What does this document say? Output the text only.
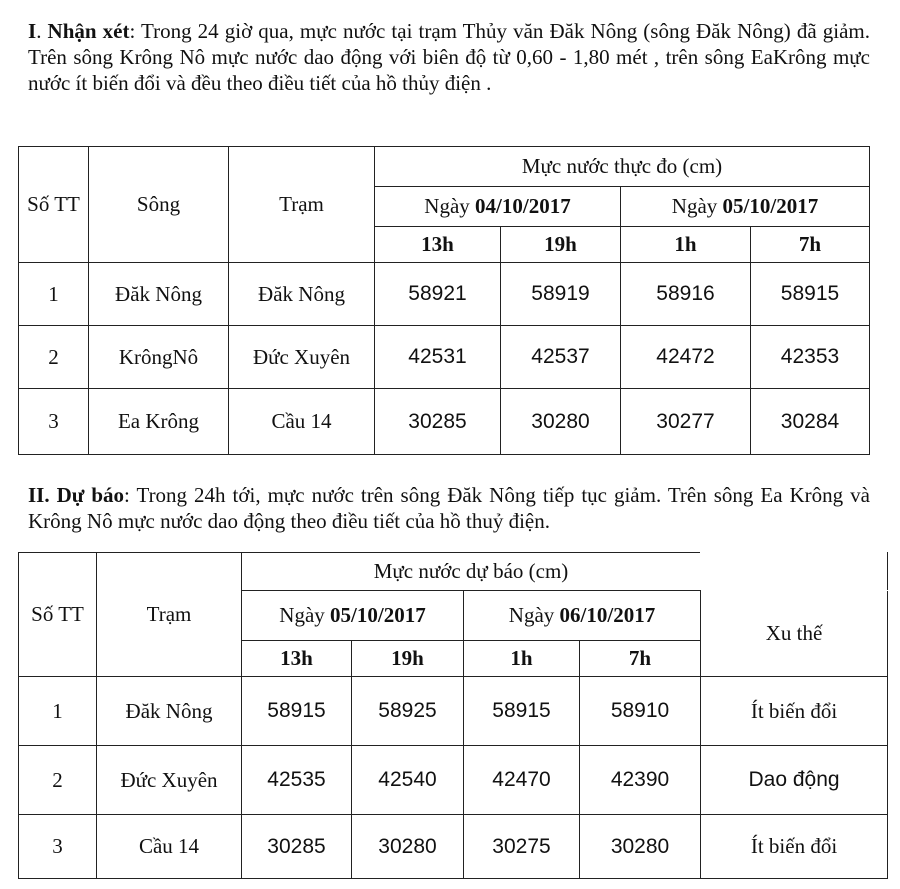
I. Nhận xét: Trong 24 giờ qua, mực nước tại trạm Thủy văn Đăk Nông (sông Đăk Nông) đã giảm. Trên sông Krông Nô mực nước dao động với biên độ từ 0,60 - 1,80 mét , trên sông EaKrông mực nước ít biến đổi và đều theo điều tiết của hồ thủy điện .

Số TT	Sông	Trạm	Mực nước thực đo (cm)			
			Ngày 04/10/2017		Ngày 05/10/2017	
			13h	19h	1h	7h
1	Đăk Nông	Đăk Nông	58921	58919	58916	58915
2	KrôngNô	Đức Xuyên	42531	42537	42472	42353
3	Ea Krông	Cầu 14	30285	30280	30277	30284

II. Dự báo: Trong 24h tới, mực nước trên sông Đăk Nông tiếp tục giảm. Trên sông Ea Krông và Krông Nô mực nước dao động theo điều tiết của hồ thuỷ điện.

Số TT	Trạm	Mực nước dự báo (cm)				
		Ngày 05/10/2017		Ngày 06/10/2017		Xu thế
		13h	19h	1h	7h	
1	Đăk Nông	58915	58925	58915	58910	Ít biến đổi
2	Đức Xuyên	42535	42540	42470	42390	Dao động
3	Cầu 14	30285	30280	30275	30280	Ít biến đổi
